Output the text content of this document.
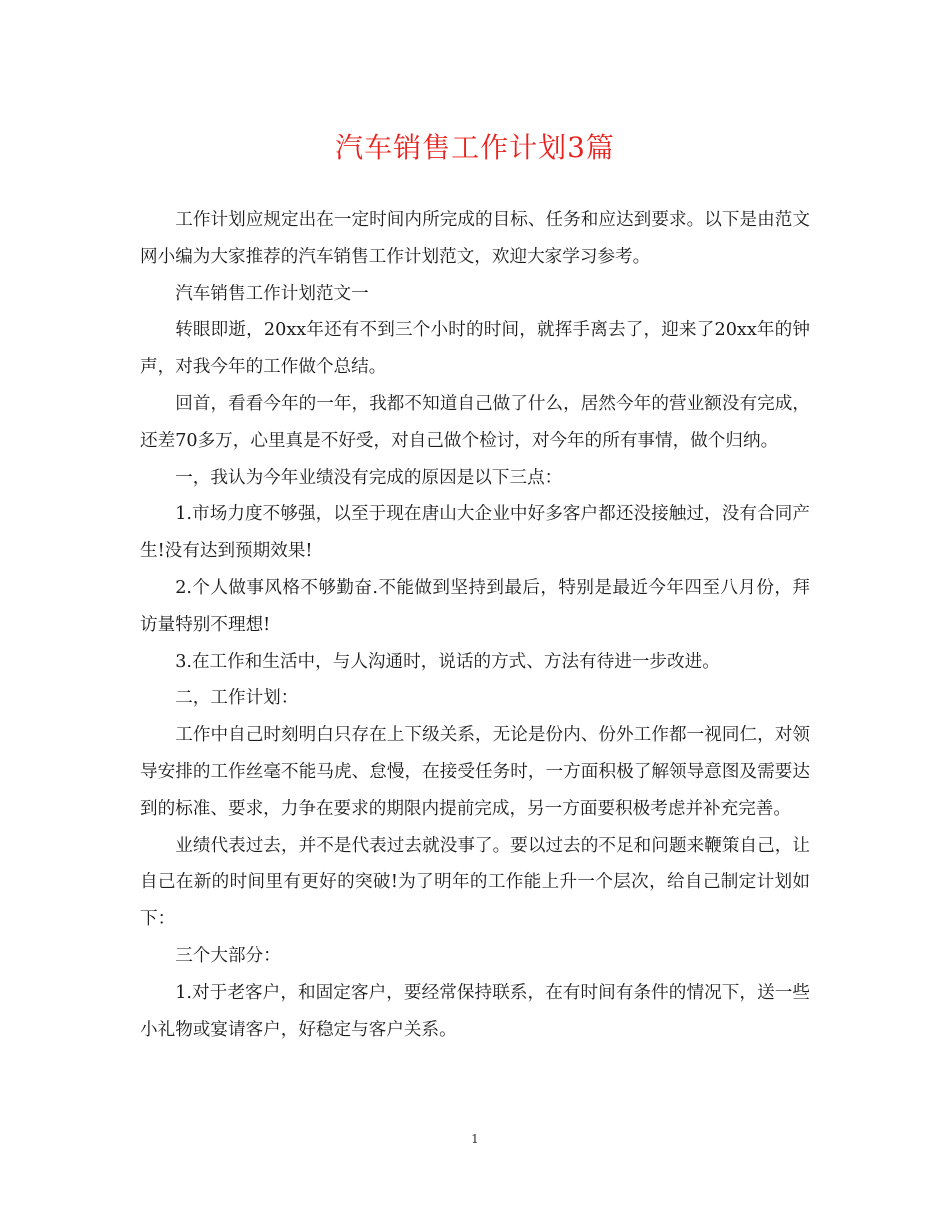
汽车销售工作计划3篇

工作计划应规定出在一定时间内所完成的目标、任务和应达到要求。以下是由范文网小编为大家推荐的汽车销售工作计划范文，欢迎大家学习参考。

汽车销售工作计划范文一

转眼即逝，20xx年还有不到三个小时的时间，就挥手离去了，迎来了20xx年的钟声，对我今年的工作做个总结。

回首，看看今年的一年，我都不知道自己做了什么，居然今年的营业额没有完成，还差70多万，心里真是不好受，对自己做个检讨，对今年的所有事情，做个归纳。

一，我认为今年业绩没有完成的原因是以下三点：

1.市场力度不够强，以至于现在唐山大企业中好多客户都还没接触过，没有合同产生!没有达到预期效果!

2.个人做事风格不够勤奋.不能做到坚持到最后，特别是最近今年四至八月份，拜访量特别不理想!

3.在工作和生活中，与人沟通时，说话的方式、方法有待进一步改进。

二，工作计划：

工作中自己时刻明白只存在上下级关系，无论是份内、份外工作都一视同仁，对领导安排的工作丝毫不能马虎、怠慢，在接受任务时，一方面积极了解领导意图及需要达到的标准、要求，力争在要求的期限内提前完成，另一方面要积极考虑并补充完善。

业绩代表过去，并不是代表过去就没事了。要以过去的不足和问题来鞭策自己，让自己在新的时间里有更好的突破!为了明年的工作能上升一个层次，给自己制定计划如下：

三个大部分：

1.对于老客户，和固定客户，要经常保持联系，在有时间有条件的情况下，送一些小礼物或宴请客户，好稳定与客户关系。

1
